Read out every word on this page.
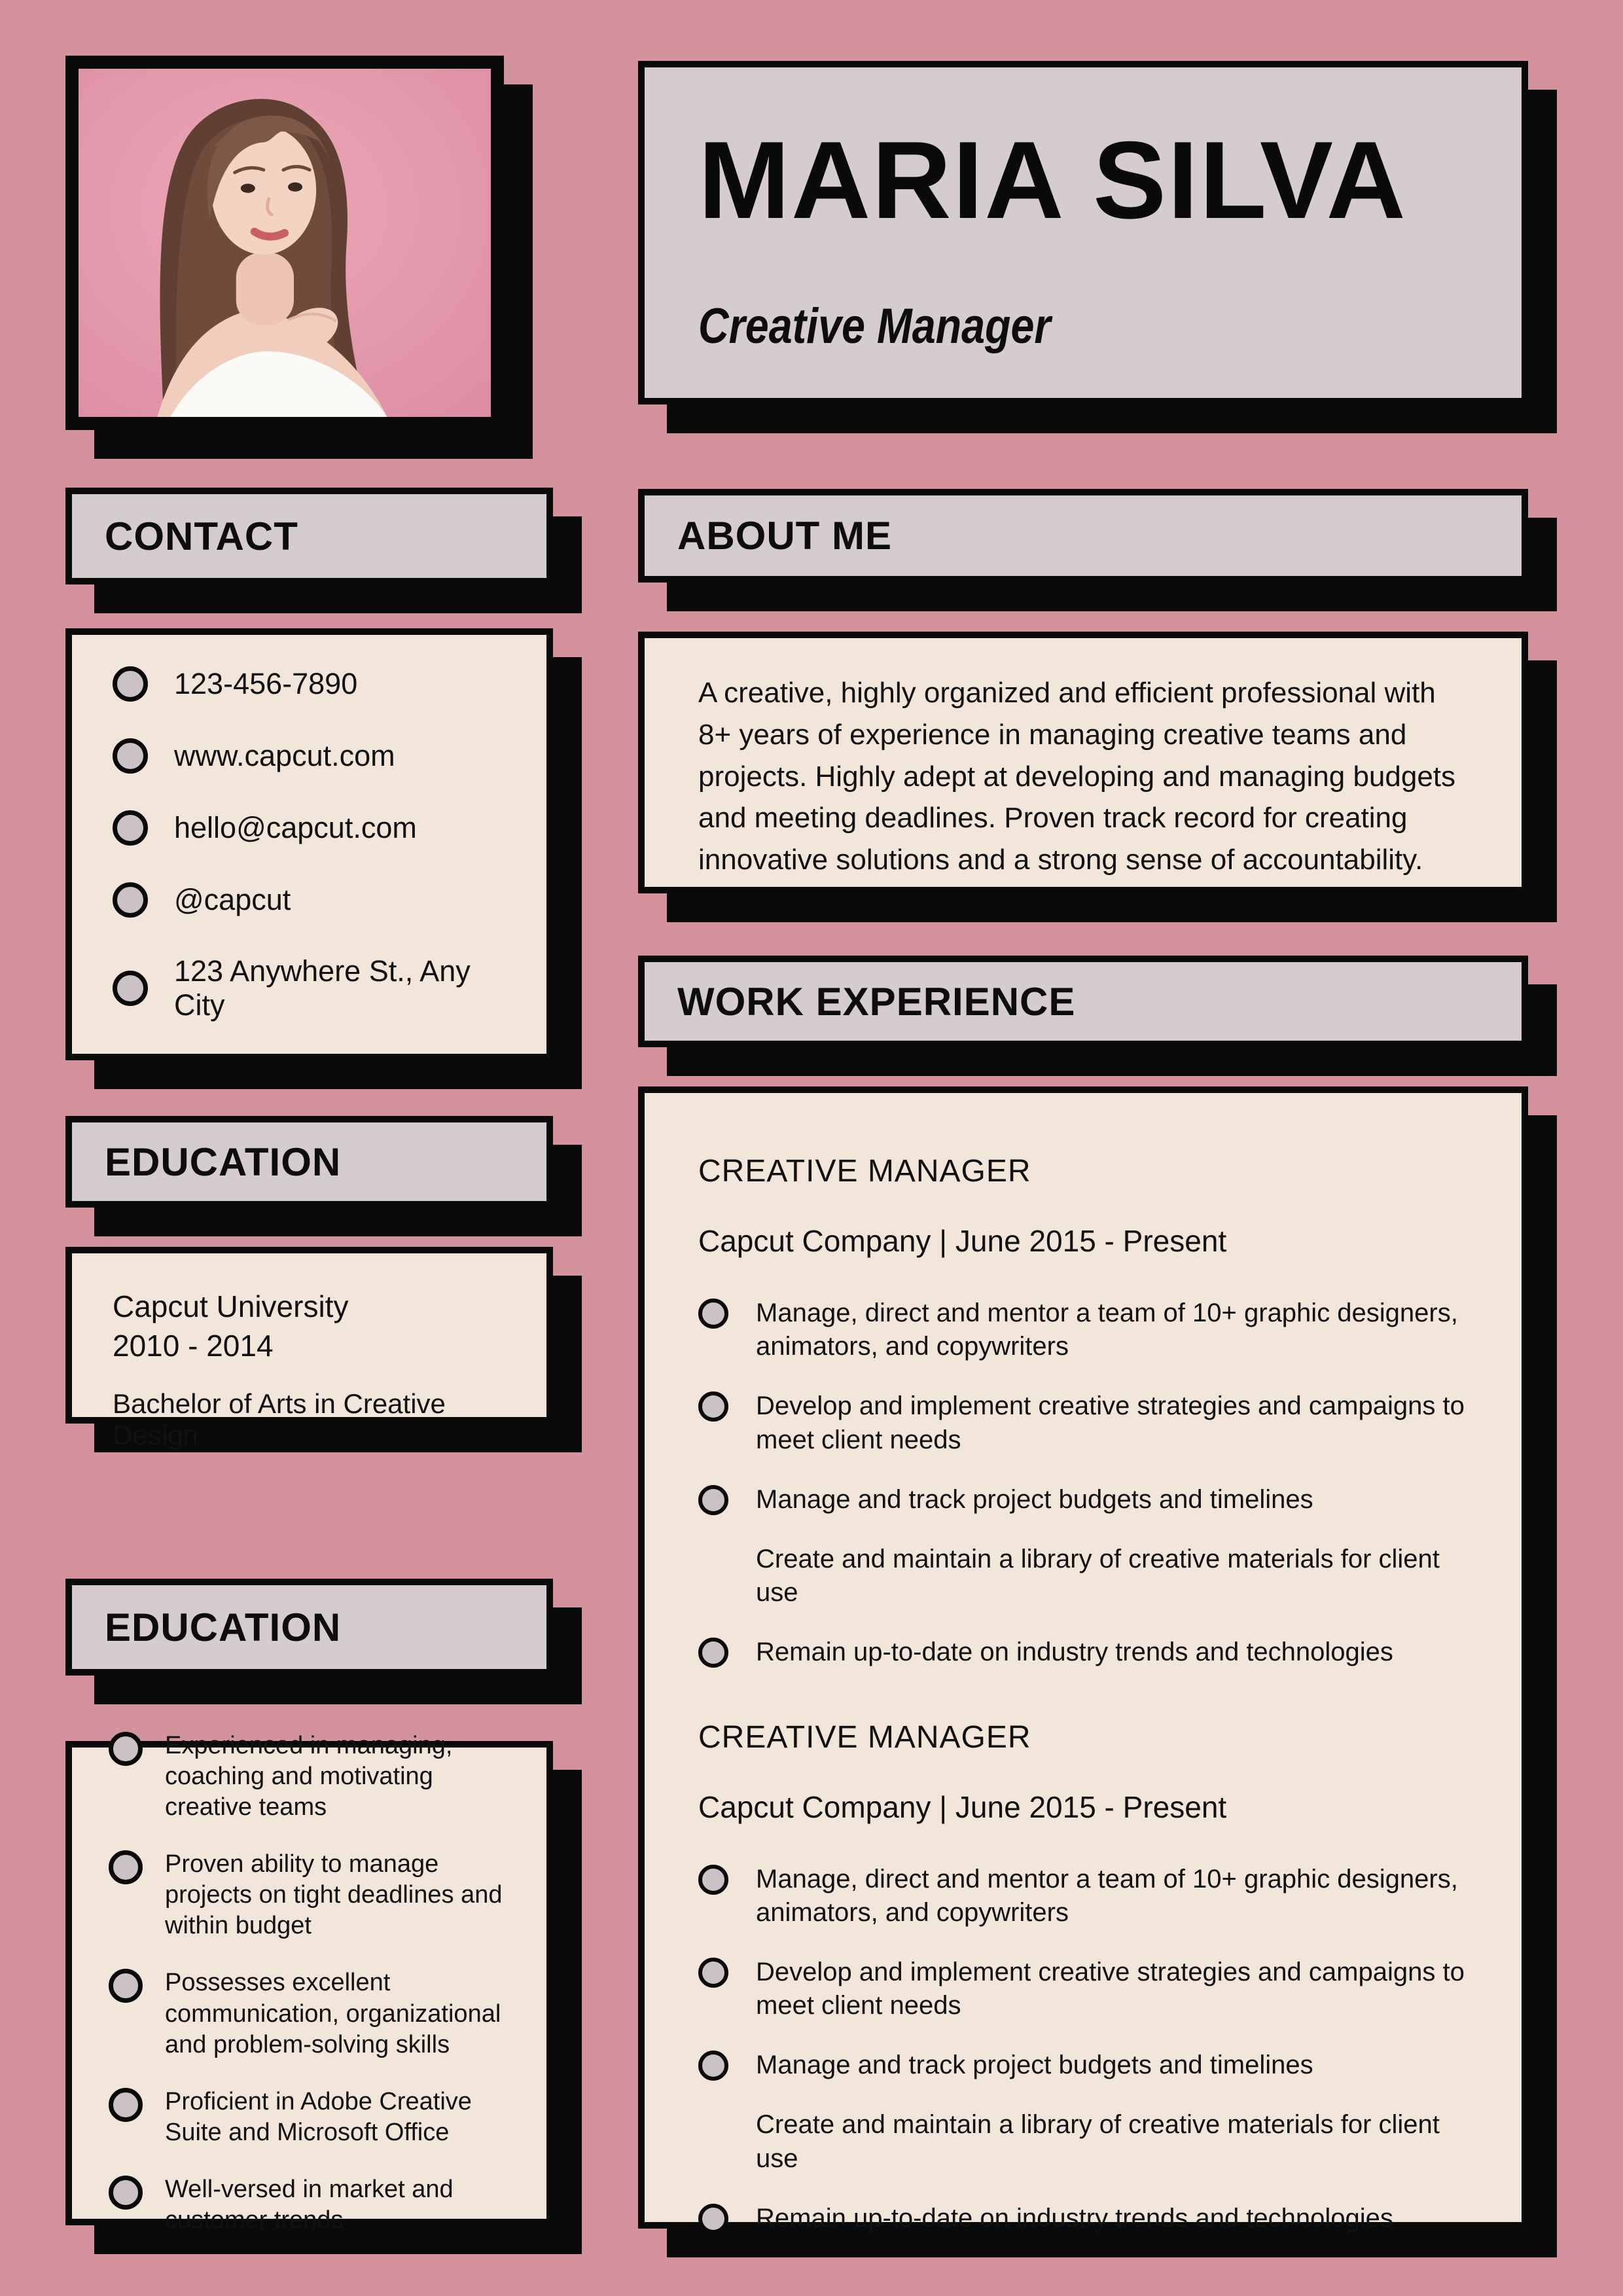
MARIA SILVA
Creative Manager
CONTACT
123-456-7890
www.capcut.com
hello@capcut.com
@capcut
123 Anywhere St., Any City
ABOUT ME
A creative, highly organized and efficient professional with 8+ years of experience in managing creative teams and projects. Highly adept at developing and managing budgets and meeting deadlines. Proven track record for creating innovative solutions and a strong sense of accountability.
EDUCATION
Capcut University
2010 - 2014
Bachelor of Arts in Creative Design
EDUCATION
Experienced in managing, coaching and motivating creative teams
Proven ability to manage projects on tight deadlines and within budget
Possesses excellent communication, organizational and problem-solving skills
Proficient in Adobe Creative Suite and Microsoft Office
Well-versed in market and customer trends
WORK EXPERIENCE
CREATIVE MANAGER
Capcut Company | June 2015 - Present
Manage, direct and mentor a team of 10+ graphic designers, animators, and copywriters
Develop and implement creative strategies and campaigns to meet client needs
Manage and track project budgets and timelines
Create and maintain a library of creative materials for client use
Remain up-to-date on industry trends and technologies
CREATIVE MANAGER
Capcut Company | June 2015 - Present
Manage, direct and mentor a team of 10+ graphic designers, animators, and copywriters
Develop and implement creative strategies and campaigns to meet client needs
Manage and track project budgets and timelines
Create and maintain a library of creative materials for client use
Remain up-to-date on industry trends and technologies
